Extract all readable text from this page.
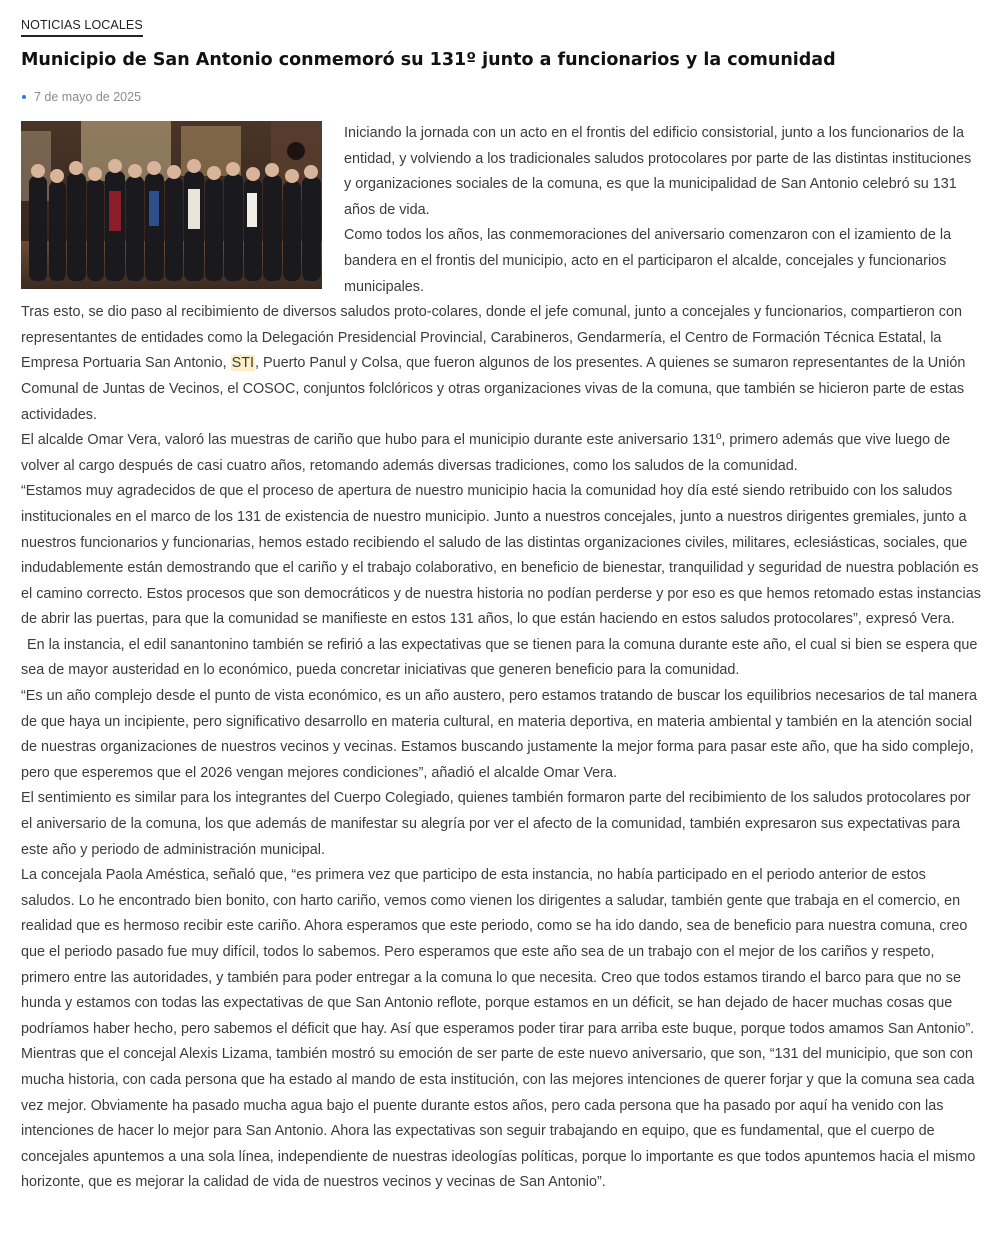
NOTICIAS LOCALES
Municipio de San Antonio conmemoró su 131º junto a funcionarios y la comunidad
7 de mayo de 2025

Iniciando la jornada con un acto en el frontis del edificio consistorial, junto a los funcionarios de la entidad, y volviendo a los tradicionales saludos protocolares por parte de las distintas instituciones y organizaciones sociales de la comuna, es que la municipalidad de San Antonio celebró su 131 años de vida.

Como todos los años, las conmemoraciones del aniversario comenzaron con el izamiento de la bandera en el frontis del municipio, acto en el participaron el alcalde, concejales y funcionarios municipales.

Tras esto, se dio paso al recibimiento de diversos saludos proto-colares, donde el jefe comunal, junto a concejales y funcionarios, compartieron con representantes de entidades como la Delegación Presidencial Provincial, Carabineros, Gendarmería, el Centro de Formación Técnica Estatal, la Empresa Portuaria San Antonio, STI, Puerto Panul y Colsa, que fueron algunos de los presentes. A quienes se sumaron representantes de la Unión Comunal de Juntas de Vecinos, el COSOC, conjuntos folclóricos y otras organizaciones vivas de la comuna, que también se hicieron parte de estas actividades.

El alcalde Omar Vera, valoró las muestras de cariño que hubo para el municipio durante este aniversario 131º, primero además que vive luego de volver al cargo después de casi cuatro años, retomando además diversas tradiciones, como los saludos de la comunidad.

“Estamos muy agradecidos de que el proceso de apertura de nuestro municipio hacia la comunidad hoy día esté siendo retribuido con los saludos institucionales en el marco de los 131 de existencia de nuestro municipio. Junto a nuestros concejales, junto a nuestros dirigentes gremiales, junto a nuestros funcionarios y funcionarias, hemos estado recibiendo el saludo de las distintas organizaciones civiles, militares, eclesiásticas, sociales, que indudablemente están demostrando que el cariño y el trabajo colaborativo, en beneficio de bienestar, tranquilidad y seguridad de nuestra población es el camino correcto. Estos procesos que son democráticos y de nuestra historia no podían perderse y por eso es que hemos retomado estas instancias de abrir las puertas, para que la comunidad se manifieste en estos 131 años, lo que están haciendo en estos saludos protocolares”, expresó Vera.

En la instancia, el edil sanantonino también se refirió a las expectativas que se tienen para la comuna durante este año, el cual si bien se espera que sea de mayor austeridad en lo económico, pueda concretar iniciativas que generen beneficio para la comunidad.

“Es un año complejo desde el punto de vista económico, es un año austero, pero estamos tratando de buscar los equilibrios necesarios de tal manera de que haya un incipiente, pero significativo desarrollo en materia cultural, en materia deportiva, en materia ambiental y también en la atención social de nuestras organizaciones de nuestros vecinos y vecinas. Estamos buscando justamente la mejor forma para pasar este año, que ha sido complejo, pero que esperemos que el 2026 vengan mejores condiciones”, añadió el alcalde Omar Vera.

El sentimiento es similar para los integrantes del Cuerpo Colegiado, quienes también formaron parte del recibimiento de los saludos protocolares por el aniversario de la comuna, los que además de manifestar su alegría por ver el afecto de la comunidad, también expresaron sus expectativas para este año y periodo de administración municipal.

La concejala Paola Améstica, señaló que, “es primera vez que participo de esta instancia, no había participado en el periodo anterior de estos saludos. Lo he encontrado bien bonito, con harto cariño, vemos como vienen los dirigentes a saludar, también gente que trabaja en el comercio, en realidad que es hermoso recibir este cariño. Ahora esperamos que este periodo, como se ha ido dando, sea de beneficio para nuestra comuna, creo que el periodo pasado fue muy difícil, todos lo sabemos. Pero esperamos que este año sea de un trabajo con el mejor de los cariños y respeto, primero entre las autoridades, y también para poder entregar a la comuna lo que necesita. Creo que todos estamos tirando el barco para que no se hunda y estamos con todas las expectativas de que San Antonio reflote, porque estamos en un déficit, se han dejado de hacer muchas cosas que podríamos haber hecho, pero sabemos el déficit que hay. Así que esperamos poder tirar para arriba este buque, porque todos amamos San Antonio”.

Mientras que el concejal Alexis Lizama, también mostró su emoción de ser parte de este nuevo aniversario, que son, “131 del municipio, que son con mucha historia, con cada persona que ha estado al mando de esta institución, con las mejores intenciones de querer forjar y que la comuna sea cada vez mejor. Obviamente ha pasado mucha agua bajo el puente durante estos años, pero cada persona que ha pasado por aquí ha venido con las intenciones de hacer lo mejor para San Antonio. Ahora las expectativas son seguir trabajando en equipo, que es fundamental, que el cuerpo de concejales apuntemos a una sola línea, independiente de nuestras ideologías políticas, porque lo importante es que todos apuntemos hacia el mismo horizonte, que es mejorar la calidad de vida de nuestros vecinos y vecinas de San Antonio”.
